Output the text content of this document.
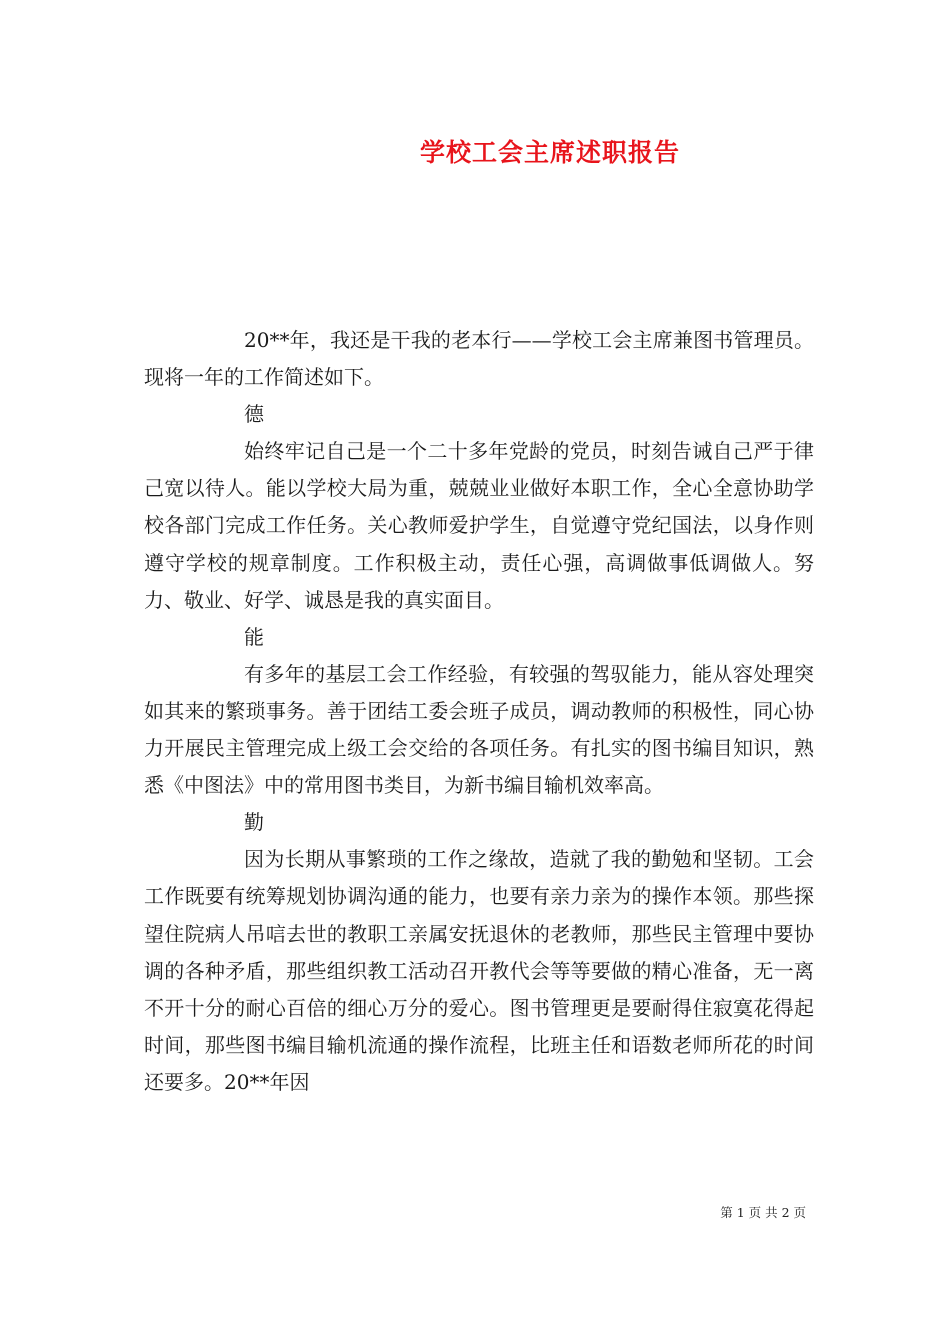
学校工会主席述职报告

20**年，我还是干我的老本行——学校工会主席兼图书管理员。现将一年的工作简述如下。

德

始终牢记自己是一个二十多年党龄的党员，时刻告诫自己严于律己宽以待人。能以学校大局为重，兢兢业业做好本职工作，全心全意协助学校各部门完成工作任务。关心教师爱护学生，自觉遵守党纪国法，以身作则遵守学校的规章制度。工作积极主动，责任心强，高调做事低调做人。努力、敬业、好学、诚恳是我的真实面目。

能

有多年的基层工会工作经验，有较强的驾驭能力，能从容处理突如其来的繁琐事务。善于团结工委会班子成员，调动教师的积极性，同心协力开展民主管理完成上级工会交给的各项任务。有扎实的图书编目知识，熟悉《中图法》中的常用图书类目，为新书编目输机效率高。

勤

因为长期从事繁琐的工作之缘故，造就了我的勤勉和坚韧。工会工作既要有统筹规划协调沟通的能力，也要有亲力亲为的操作本领。那些探望住院病人吊唁去世的教职工亲属安抚退休的老教师，那些民主管理中要协调的各种矛盾，那些组织教工活动召开教代会等等要做的精心准备，无一离不开十分的耐心百倍的细心万分的爱心。图书管理更是要耐得住寂寞花得起时间，那些图书编目输机流通的操作流程，比班主任和语数老师所花的时间还要多。20**年因

第 1 页 共 2 页
